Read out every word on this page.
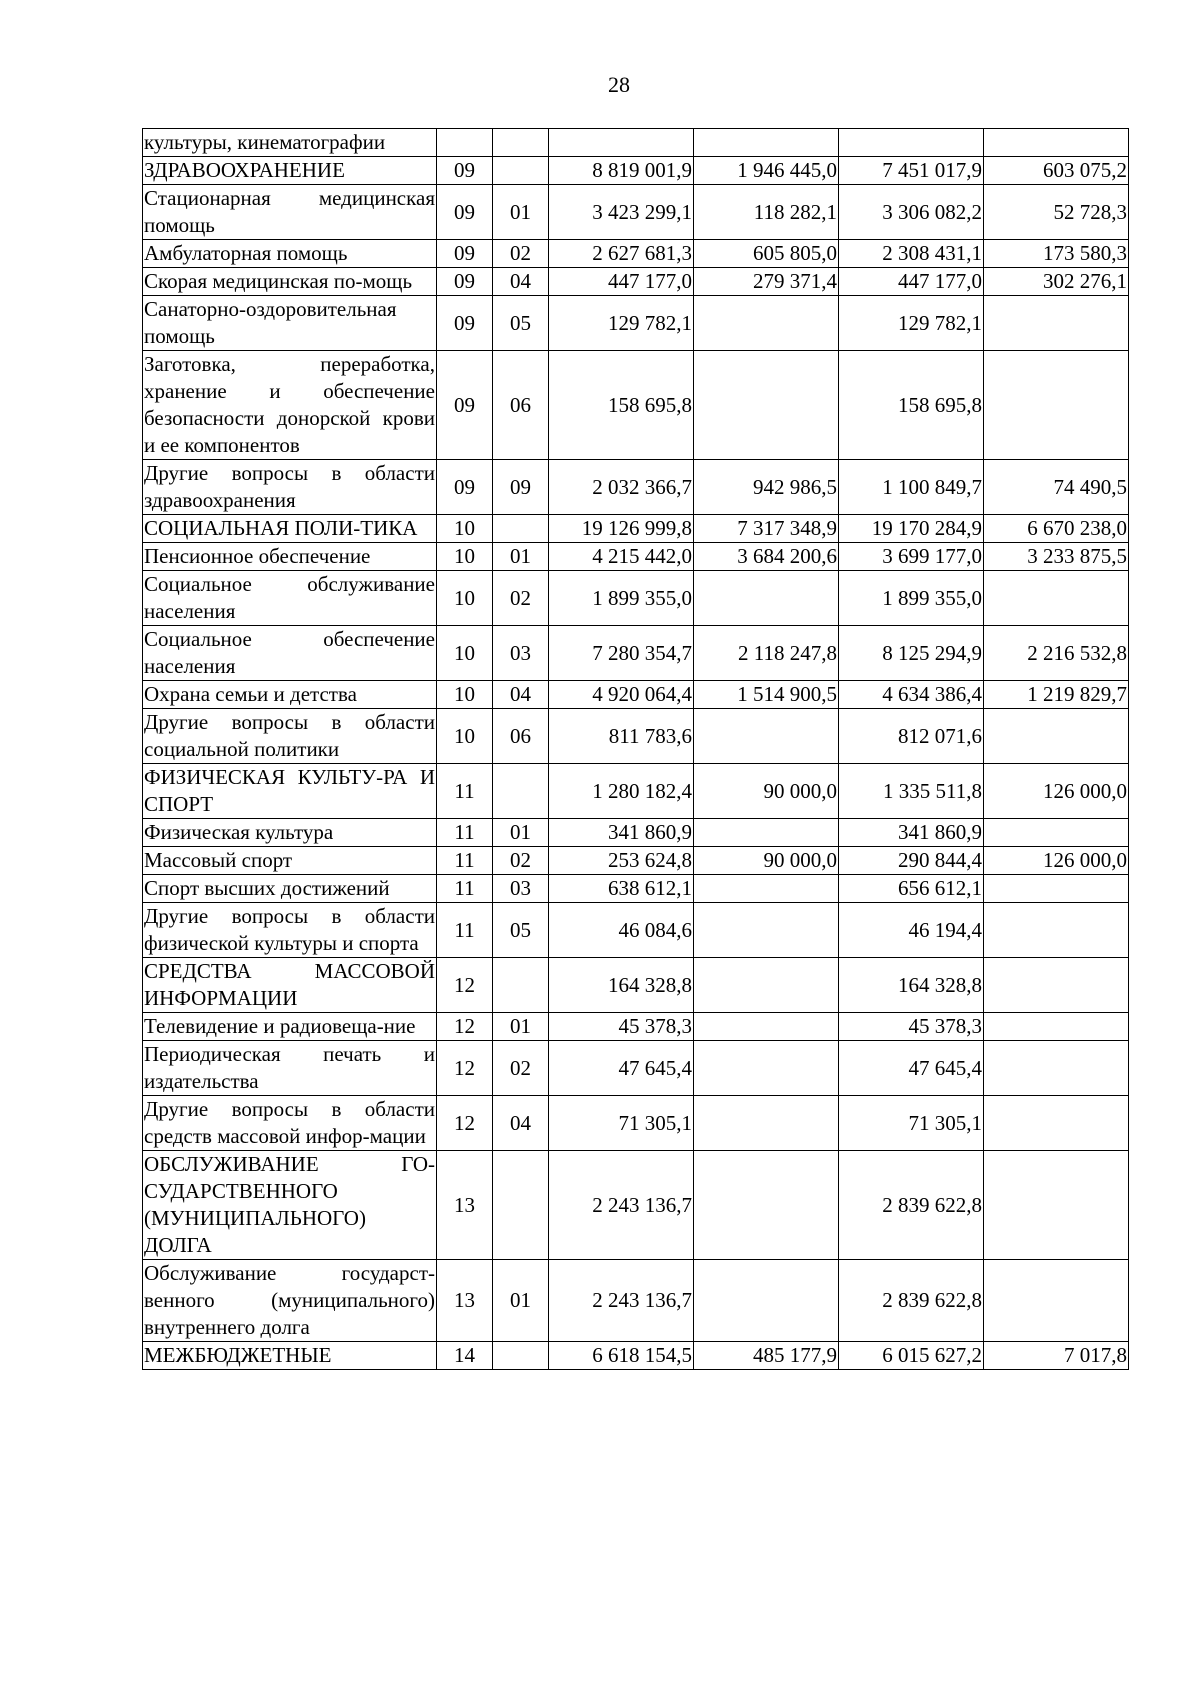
28
культуры, кинематографии						
ЗДРАВООХРАНЕНИЕ	09		8 819 001,9	1 946 445,0	7 451 017,9	603 075,2
Стационарная медицинская помощь	09	01	3 423 299,1	118 282,1	3 306 082,2	52 728,3
Амбулаторная помощь	09	02	2 627 681,3	605 805,0	2 308 431,1	173 580,3
Скорая медицинская по-мощь	09	04	447 177,0	279 371,4	447 177,0	302 276,1
Санаторно-оздоровительная помощь	09	05	129 782,1		129 782,1	
Заготовка, переработка, хранение и обеспечение безопасности донорской крови и ее компонентов	09	06	158 695,8		158 695,8	
Другие вопросы в области здравоохранения	09	09	2 032 366,7	942 986,5	1 100 849,7	74 490,5
СОЦИАЛЬНАЯ ПОЛИ-ТИКА	10		19 126 999,8	7 317 348,9	19 170 284,9	6 670 238,0
Пенсионное обеспечение	10	01	4 215 442,0	3 684 200,6	3 699 177,0	3 233 875,5
Социальное обслуживание населения	10	02	1 899 355,0		1 899 355,0	
Социальное обеспечение населения	10	03	7 280 354,7	2 118 247,8	8 125 294,9	2 216 532,8
Охрана семьи и детства	10	04	4 920 064,4	1 514 900,5	4 634 386,4	1 219 829,7
Другие вопросы в области социальной политики	10	06	811 783,6		812 071,6	
ФИЗИЧЕСКАЯ КУЛЬТУ-РА И СПОРТ	11		1 280 182,4	90 000,0	1 335 511,8	126 000,0
Физическая культура	11	01	341 860,9		341 860,9	
Массовый спорт	11	02	253 624,8	90 000,0	290 844,4	126 000,0
Спорт высших достижений	11	03	638 612,1		656 612,1	
Другие вопросы в области физической культуры и спорта	11	05	46 084,6		46 194,4	
СРЕДСТВА МАССОВОЙ ИНФОРМАЦИИ	12		164 328,8		164 328,8	
Телевидение и радиовеща-ние	12	01	45 378,3		45 378,3	
Периодическая печать и издательства	12	02	47 645,4		47 645,4	
Другие вопросы в области средств массовой инфор-мации	12	04	71 305,1		71 305,1	
ОБСЛУЖИВАНИЕ ГО-СУДАРСТВЕННОГО (МУНИЦИПАЛЬНОГО) ДОЛГА	13		2 243 136,7		2 839 622,8	
Обслуживание государст-венного (муниципального) внутреннего долга	13	01	2 243 136,7		2 839 622,8	
МЕЖБЮДЖЕТНЫЕ	14		6 618 154,5	485 177,9	6 015 627,2	7 017,8
